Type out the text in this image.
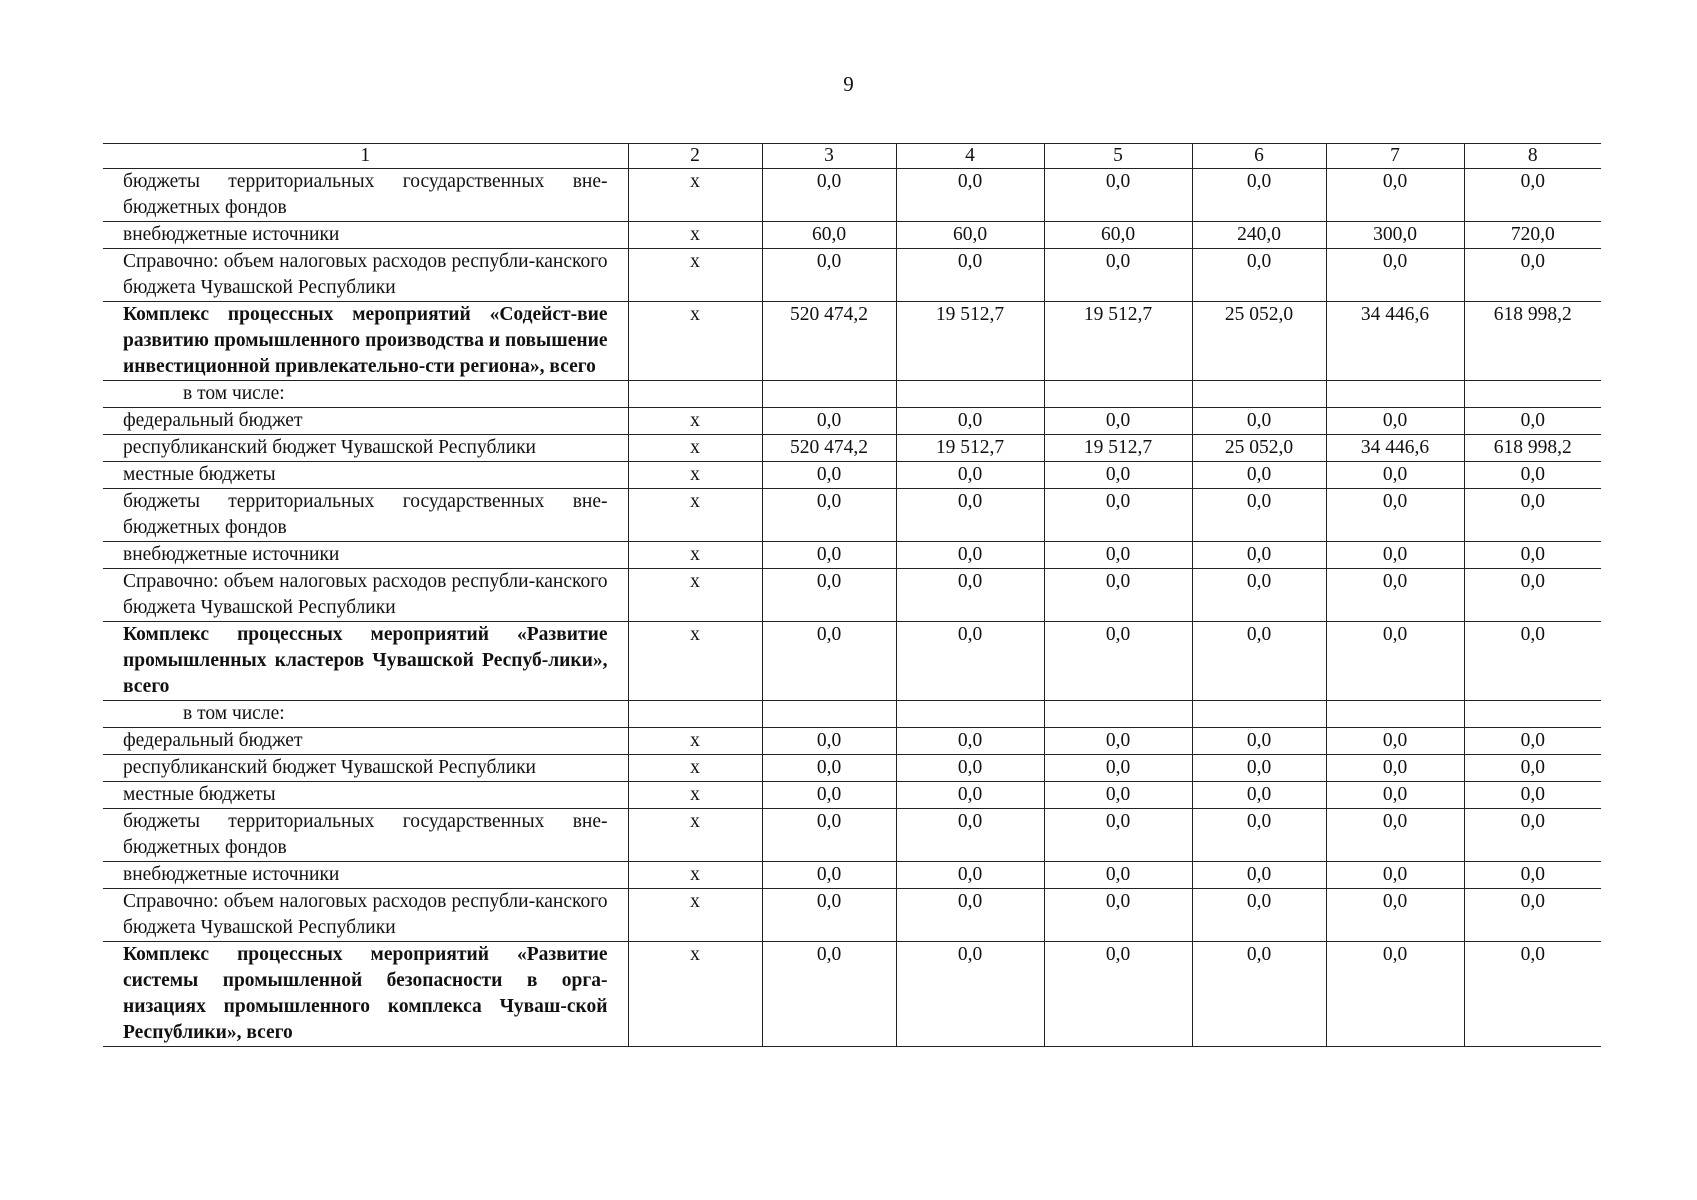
9
1	2	3	4	5	6	7	8

бюджеты территориальных государственных вне-бюджетных фондов	х	0,0	0,0	0,0	0,0	0,0	0,0

внебюджетные источники	х	60,0	60,0	60,0	240,0	300,0	720,0

Справочно: объем налоговых расходов республи-канского бюджета Чувашской Республики	х	0,0	0,0	0,0	0,0	0,0	0,0

Комплекс процессных мероприятий «Содейст-вие развитию промышленного производства и повышение инвестиционной привлекательно-сти региона», всего	х	520 474,2	19 512,7	19 512,7	25 052,0	34 446,6	618 998,2
в том числе:							

федеральный бюджет	х	0,0	0,0	0,0	0,0	0,0	0,0

республиканский бюджет Чувашской Республики	х	520 474,2	19 512,7	19 512,7	25 052,0	34 446,6	618 998,2

местные бюджеты	х	0,0	0,0	0,0	0,0	0,0	0,0

бюджеты территориальных государственных вне-бюджетных фондов	х	0,0	0,0	0,0	0,0	0,0	0,0

внебюджетные источники	х	0,0	0,0	0,0	0,0	0,0	0,0

Справочно: объем налоговых расходов республи-канского бюджета Чувашской Республики	х	0,0	0,0	0,0	0,0	0,0	0,0

Комплекс процессных мероприятий «Развитие промышленных кластеров Чувашской Респуб-лики», всего	х	0,0	0,0	0,0	0,0	0,0	0,0
в том числе:							

федеральный бюджет	х	0,0	0,0	0,0	0,0	0,0	0,0

республиканский бюджет Чувашской Республики	х	0,0	0,0	0,0	0,0	0,0	0,0

местные бюджеты	х	0,0	0,0	0,0	0,0	0,0	0,0

бюджеты территориальных государственных вне-бюджетных фондов	х	0,0	0,0	0,0	0,0	0,0	0,0

внебюджетные источники	х	0,0	0,0	0,0	0,0	0,0	0,0

Справочно: объем налоговых расходов республи-канского бюджета Чувашской Республики	х	0,0	0,0	0,0	0,0	0,0	0,0

Комплекс процессных мероприятий «Развитие системы промышленной безопасности в орга-низациях промышленного комплекса Чуваш-ской Республики», всего	х	0,0	0,0	0,0	0,0	0,0	0,0
